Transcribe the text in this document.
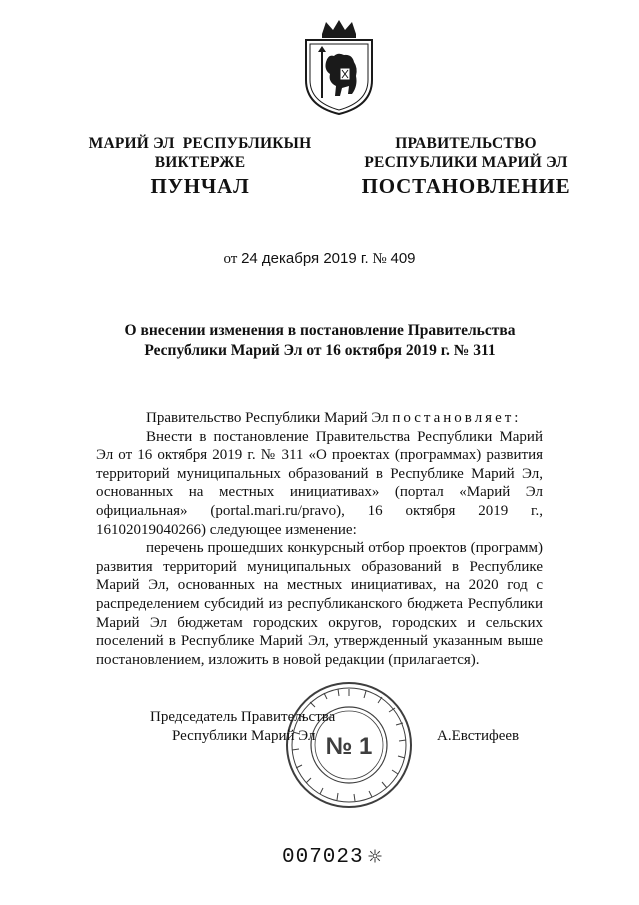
МАРИЙ ЭЛ  РЕСПУБЛИКЫН
ВИКТЕРЖЕ
ПРАВИТЕЛЬСТВО
РЕСПУБЛИКИ МАРИЙ ЭЛ
ПУНЧАЛ	ПОСТАНОВЛЕНИЕ
от 24 декабря 2019 г. № 409
О внесении изменения в постановление Правительства
Республики Марий Эл от 16 октября 2019 г. № 311

Правительство Республики Марий Эл постановляет:

Внести в постановление Правительства Республики Марий Эл от 16 октября 2019 г. № 311 «О проектах (программах) развития территорий муниципальных образований в Республике Марий Эл, основанных на местных инициативах» (портал «Марий Эл официальная» (portal.mari.ru/pravo), 16 октября 2019 г., 16102019040266) следующее изменение:

перечень прошедших конкурсный отбор проектов (программ) развития территорий муниципальных образований в Республике Марий Эл, основанных на местных инициативах, на 2020 год с распределением субсидий из республиканского бюджета Республики Марий Эл бюджетам городских округов, городских и сельских поселений в Республике Марий Эл, утвержденный указанным выше постановлением, изложить в новой редакции (прилагается).

№ 1
Председатель Правительства
Республики Марий Эл	А.Евстифеев
007023
